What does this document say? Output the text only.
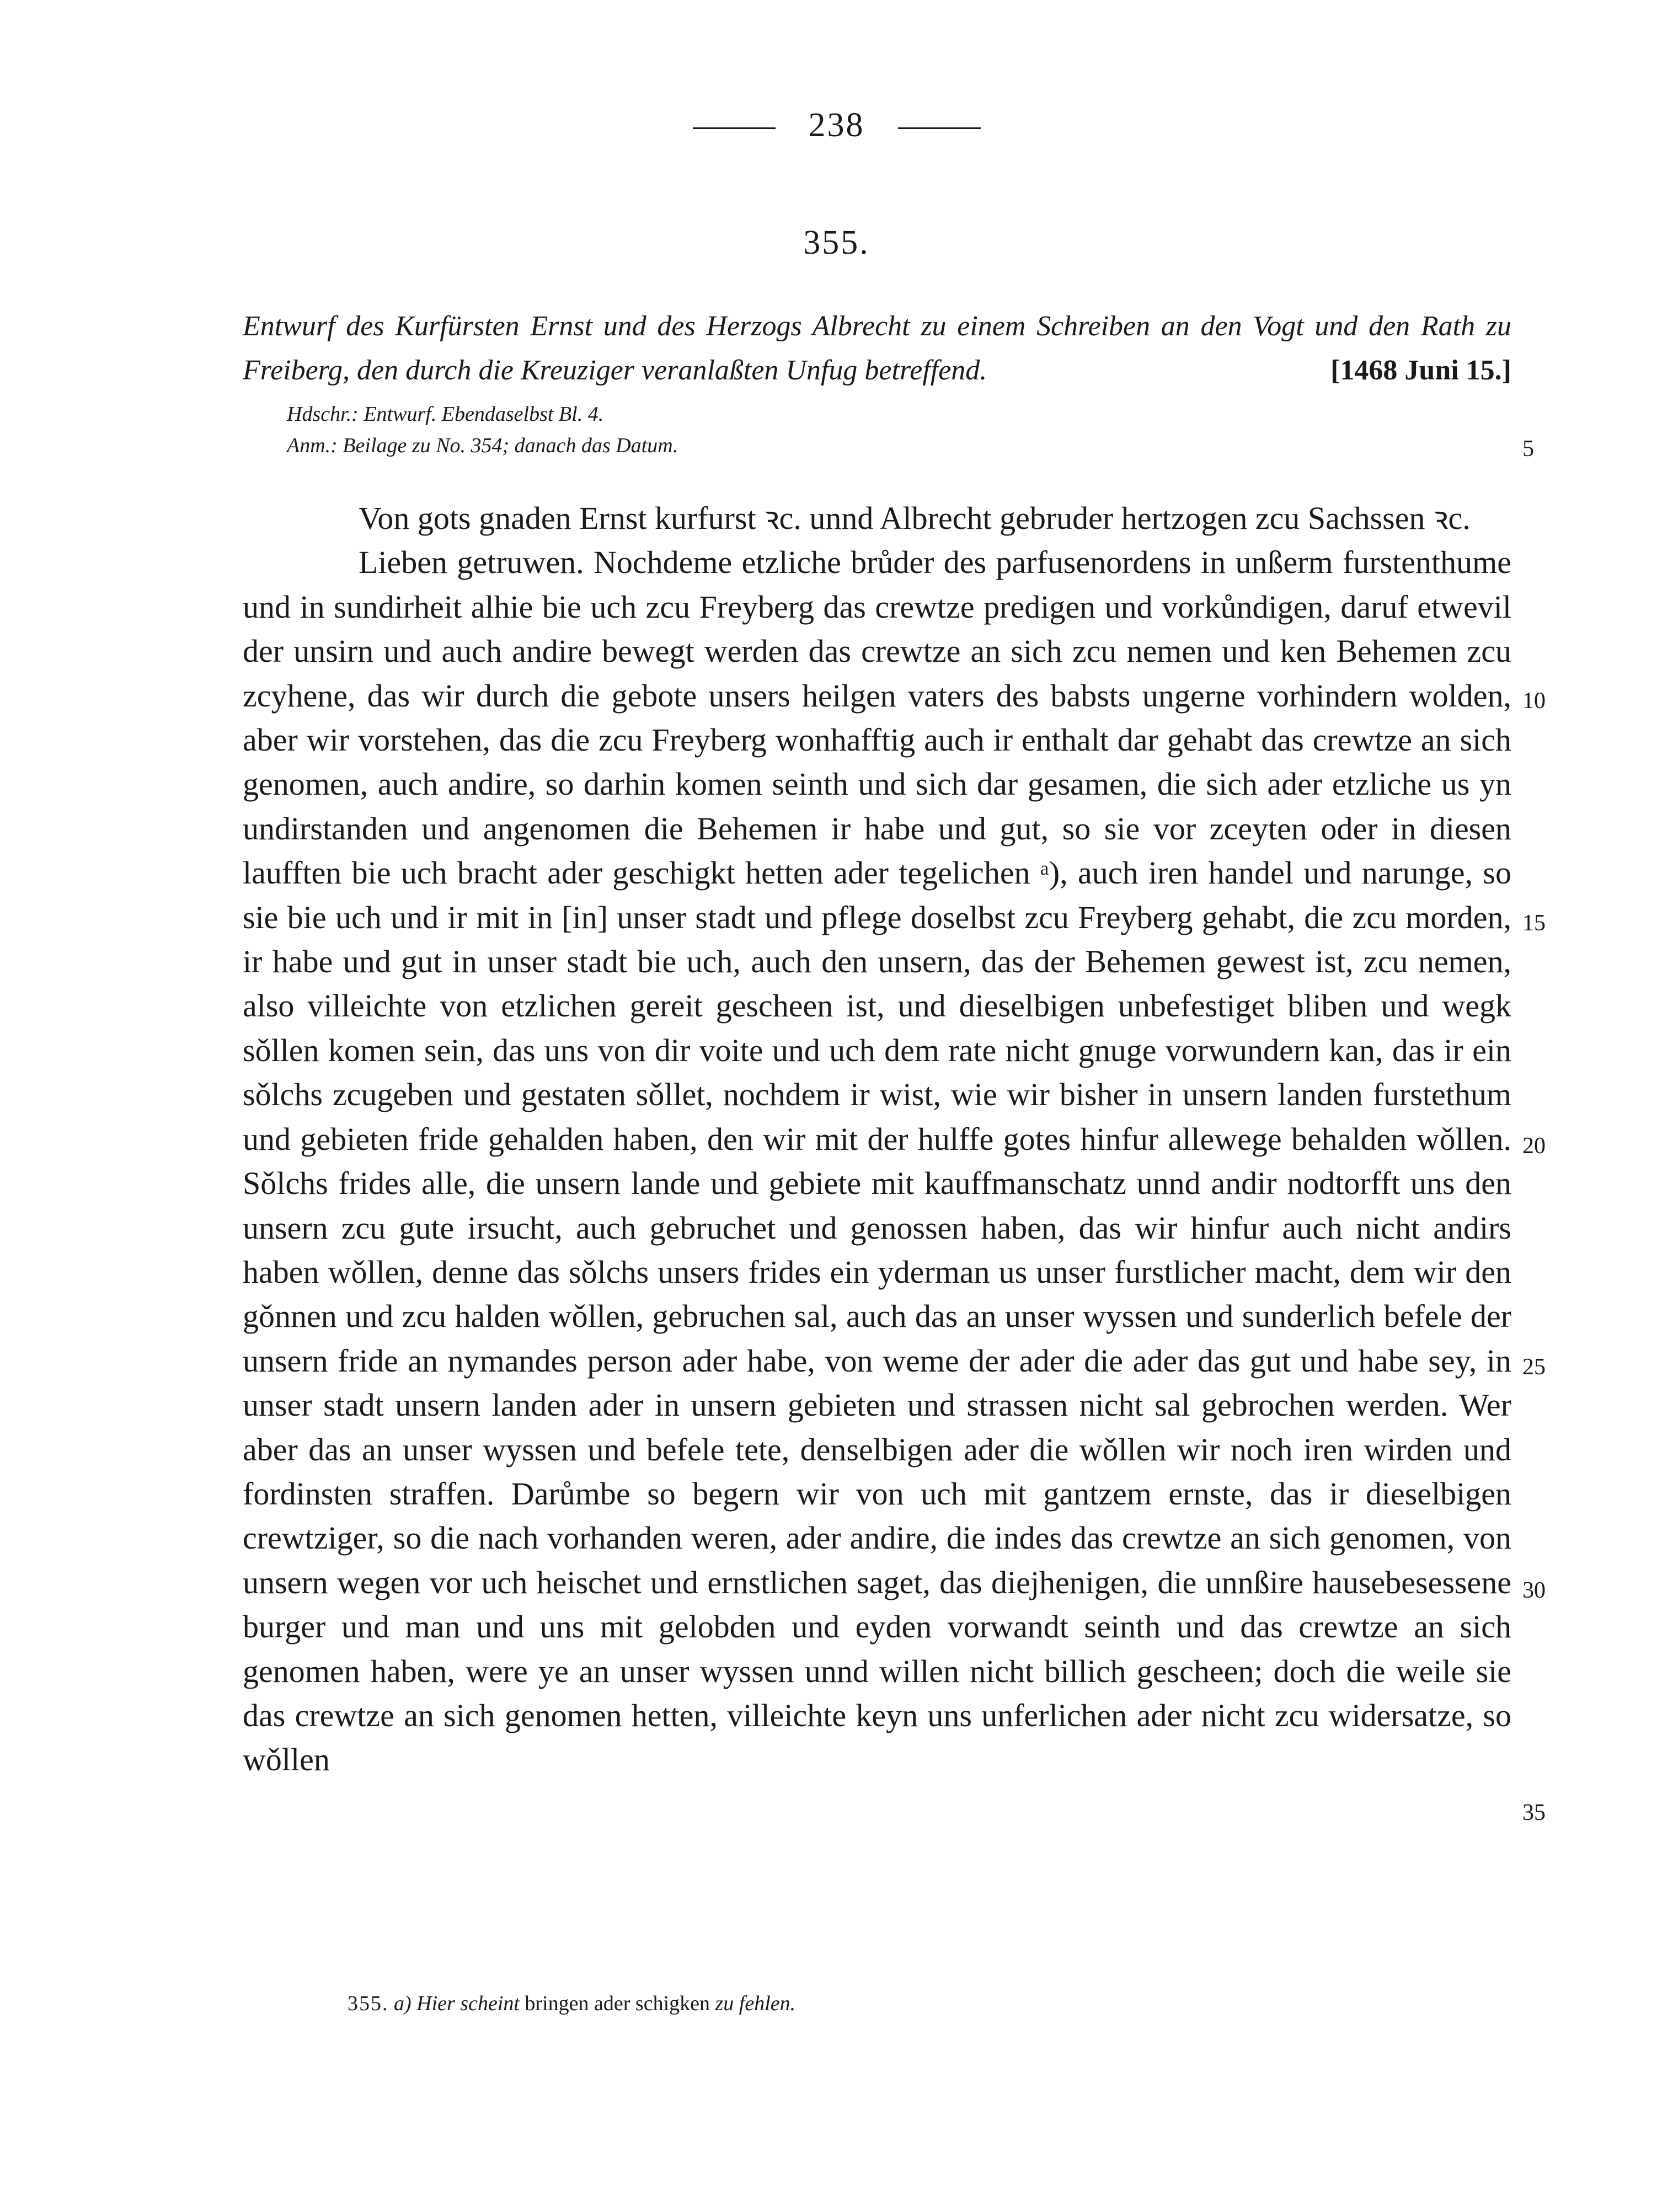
238
355.
Entwurf des Kurfürsten Ernst und des Herzogs Albrecht zu einem Schreiben an den Vogt und den Rath zu Freiberg, den durch die Kreuziger veranlaßten Unfug betreffend.	[1468 Juni 15.]
Hdschr.: Entwurf. Ebendaselbst Bl. 4.
Anm.: Beilage zu No. 354; danach das Datum.	5
10
15
20
25
30
35

Von gots gnaden Ernst kurfurst ꝛc. unnd Albrecht gebruder hertzogen zcu Sachssen ꝛc.

Lieben getruwen. Nochdeme etzliche brůder des parfusenordens in unßerm furstenthume und in sundirheit alhie bie uch zcu Freyberg das crewtze predigen und vorkůndigen, daruf etwevil der unsirn und auch andire bewegt werden das crewtze an sich zcu nemen und ken Behemen zcu zcyhene, das wir durch die gebote unsers heilgen vaters des babsts ungerne vorhindern wolden, aber wir vorstehen, das die zcu Freyberg wonhafftig auch ir enthalt dar gehabt das crewtze an sich genomen, auch andire, so darhin komen seinth und sich dar gesamen, die sich ader etzliche us yn undirstanden und angenomen die Behemen ir habe und gut, so sie vor zceyten oder in diesen laufften bie uch bracht ader geschigkt hetten ader tegelichen ᵃ), auch iren handel und narunge, so sie bie uch und ir mit in [in] unser stadt und pflege doselbst zcu Freyberg gehabt, die zcu morden, ir habe und gut in unser stadt bie uch, auch den unsern, das der Behemen gewest ist, zcu nemen, also villeichte von etzlichen gereit gescheen ist, und dieselbigen unbefestiget bliben und wegk sǒllen komen sein, das uns von dir voite und uch dem rate nicht gnuge vorwundern kan, das ir ein sǒlchs zcugeben und gestaten sǒllet, nochdem ir wist, wie wir bisher in unsern landen furstethum und gebieten fride gehalden haben, den wir mit der hulffe gotes hinfur allewege behalden wǒllen. Sǒlchs frides alle, die unsern lande und gebiete mit kauffmanschatz unnd andir nodtorfft uns den unsern zcu gute irsucht, auch gebruchet und genossen haben, das wir hinfur auch nicht andirs haben wǒllen, denne das sǒlchs unsers frides ein yderman us unser furstlicher macht, dem wir den gǒnnen und zcu halden wǒllen, gebruchen sal, auch das an unser wyssen und sunderlich befele der unsern fride an nymandes person ader habe, von weme der ader die ader das gut und habe sey, in unser stadt unsern landen ader in unsern gebieten und strassen nicht sal gebrochen werden. Wer aber das an unser wyssen und befele tete, denselbigen ader die wǒllen wir noch iren wirden und fordinsten straffen. Darůmbe so begern wir von uch mit gantzem ernste, das ir dieselbigen crewtziger, so die nach vorhanden weren, ader andire, die indes das crewtze an sich genomen, von unsern wegen vor uch heischet und ernstlichen saget, das diejhenigen, die unnßire hausebesessene burger und man und uns mit gelobden und eyden vorwandt seinth und das crewtze an sich genomen haben, were ye an unser wyssen unnd willen nicht billich gescheen; doch die weile sie das crewtze an sich genomen hetten, villeichte keyn uns unferlichen ader nicht zcu widersatze, so wǒllen

355. a) Hier scheint bringen ader schigken zu fehlen.
